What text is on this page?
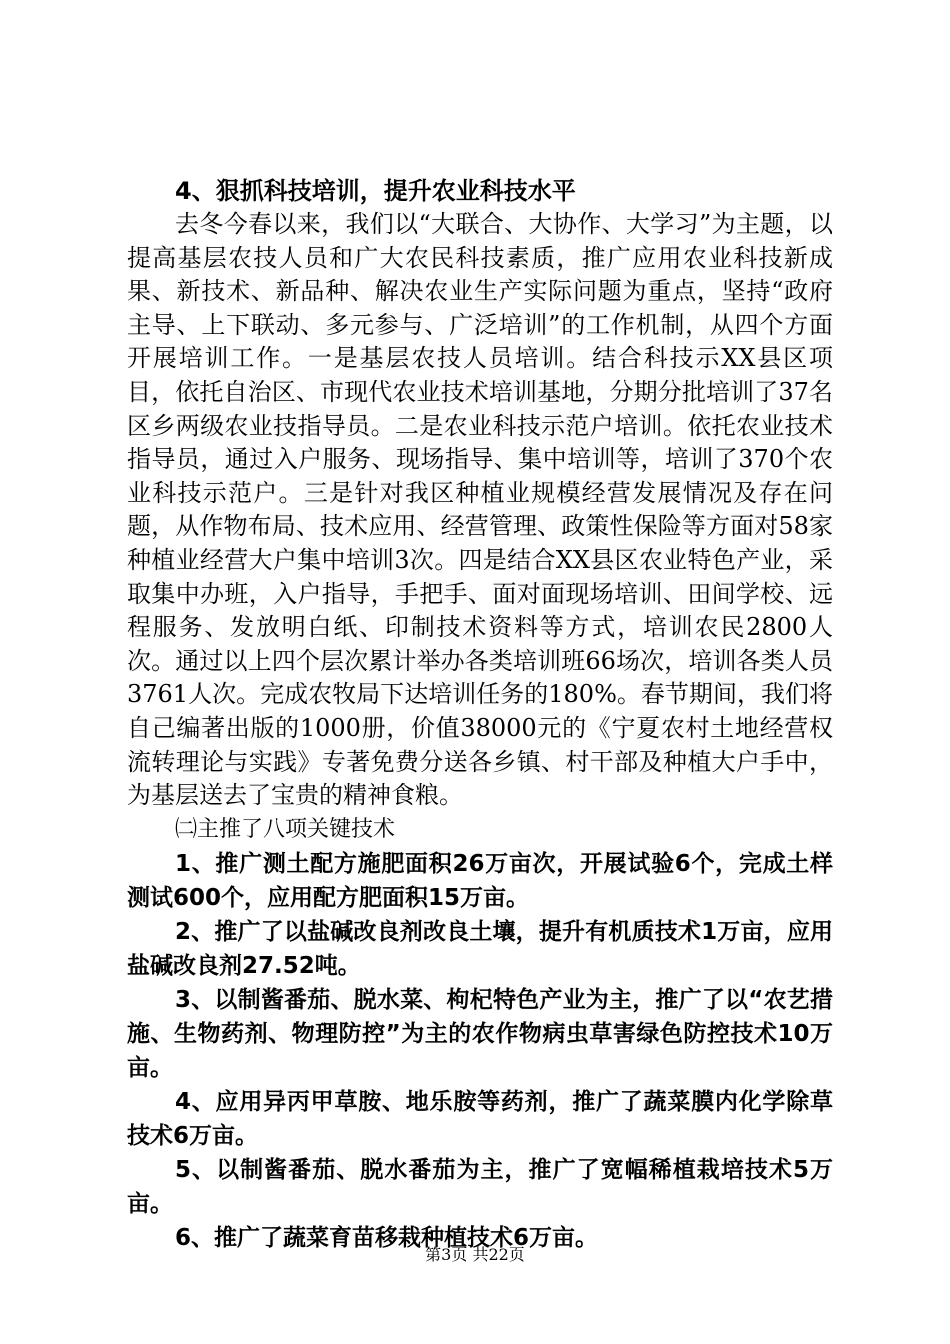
4、狠抓科技培训，提升农业科技水平

去冬今春以来，我们以“大联合、大协作、大学习”为主题，以提高基层农技人员和广大农民科技素质，推广应用农业科技新成果、新技术、新品种、解决农业生产实际问题为重点，坚持“政府主导、上下联动、多元参与、广泛培训”的工作机制，从四个方面开展培训工作。一是基层农技人员培训。结合科技示XX县区项目，依托自治区、市现代农业技术培训基地，分期分批培训了37名区乡两级农业技指导员。二是农业科技示范户培训。依托农业技术指导员，通过入户服务、现场指导、集中培训等，培训了370个农业科技示范户。三是针对我区种植业规模经营发展情况及存在问题，从作物布局、技术应用、经营管理、政策性保险等方面对58家种植业经营大户集中培训3次。四是结合XX县区农业特色产业，采取集中办班，入户指导，手把手、面对面现场培训、田间学校、远程服务、发放明白纸、印制技术资料等方式，培训农民2800人次。通过以上四个层次累计举办各类培训班66场次，培训各类人员3761人次。完成农牧局下达培训任务的180%。春节期间，我们将自己编著出版的1000册，价值38000元的《宁夏农村土地经营权流转理论与实践》专著免费分送各乡镇、村干部及种植大户手中，为基层送去了宝贵的精神食粮。

㈡主推了八项关键技术

1、推广测土配方施肥面积26万亩次，开展试验6个，完成土样测试600个，应用配方肥面积15万亩。

2、推广了以盐碱改良剂改良土壤，提升有机质技术1万亩，应用盐碱改良剂27.52吨。

3、以制酱番茄、脱水菜、枸杞特色产业为主，推广了以“农艺措施、生物药剂、物理防控”为主的农作物病虫草害绿色防控技术10万亩。

4、应用异丙甲草胺、地乐胺等药剂，推广了蔬菜膜内化学除草技术6万亩。

5、以制酱番茄、脱水番茄为主，推广了宽幅稀植栽培技术5万亩。

6、推广了蔬菜育苗移栽种植技术6万亩。

第3页 共22页
